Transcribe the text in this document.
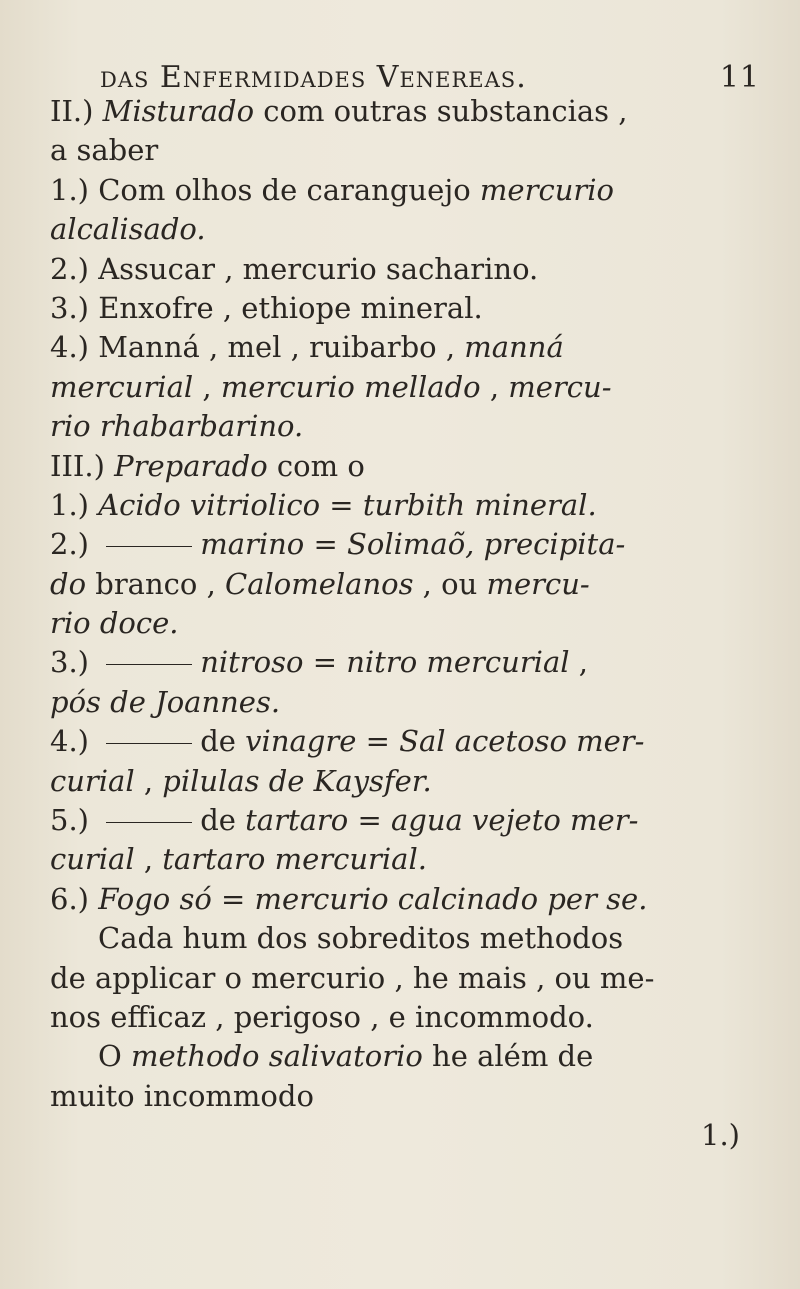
das Enfermidades Venereas.	11
II.) Misturado com outras substancias ,
a saber
1.) Com olhos de caranguejo mercurio
alcalisado.
2.) Assucar , mercurio sacharino.
3.) Enxofre , ethiope mineral.
4.) Manná , mel , ruibarbo , manná
mercurial , mercurio mellado , mercu-
rio rhabarbarino.
III.) Preparado com o
1.) Acido vitriolico = turbith mineral.
2.)	marino = Solimaõ, precipita-
do branco , Calomelanos , ou mercu-
rio doce.
3.)	nitroso = nitro mercurial ,
pós de Joannes.
4.)	de vinagre = Sal acetoso mer-
curial , pilulas de Kaysfer.
5.)	de tartaro = agua vejeto mer-
curial , tartaro mercurial.
6.) Fogo só = mercurio calcinado per se.
Cada hum dos sobreditos methodos
de applicar o mercurio , he mais , ou me-
nos efficaz , perigoso , e incommodo.
O methodo salivatorio he além de
muito incommodo
1.)
